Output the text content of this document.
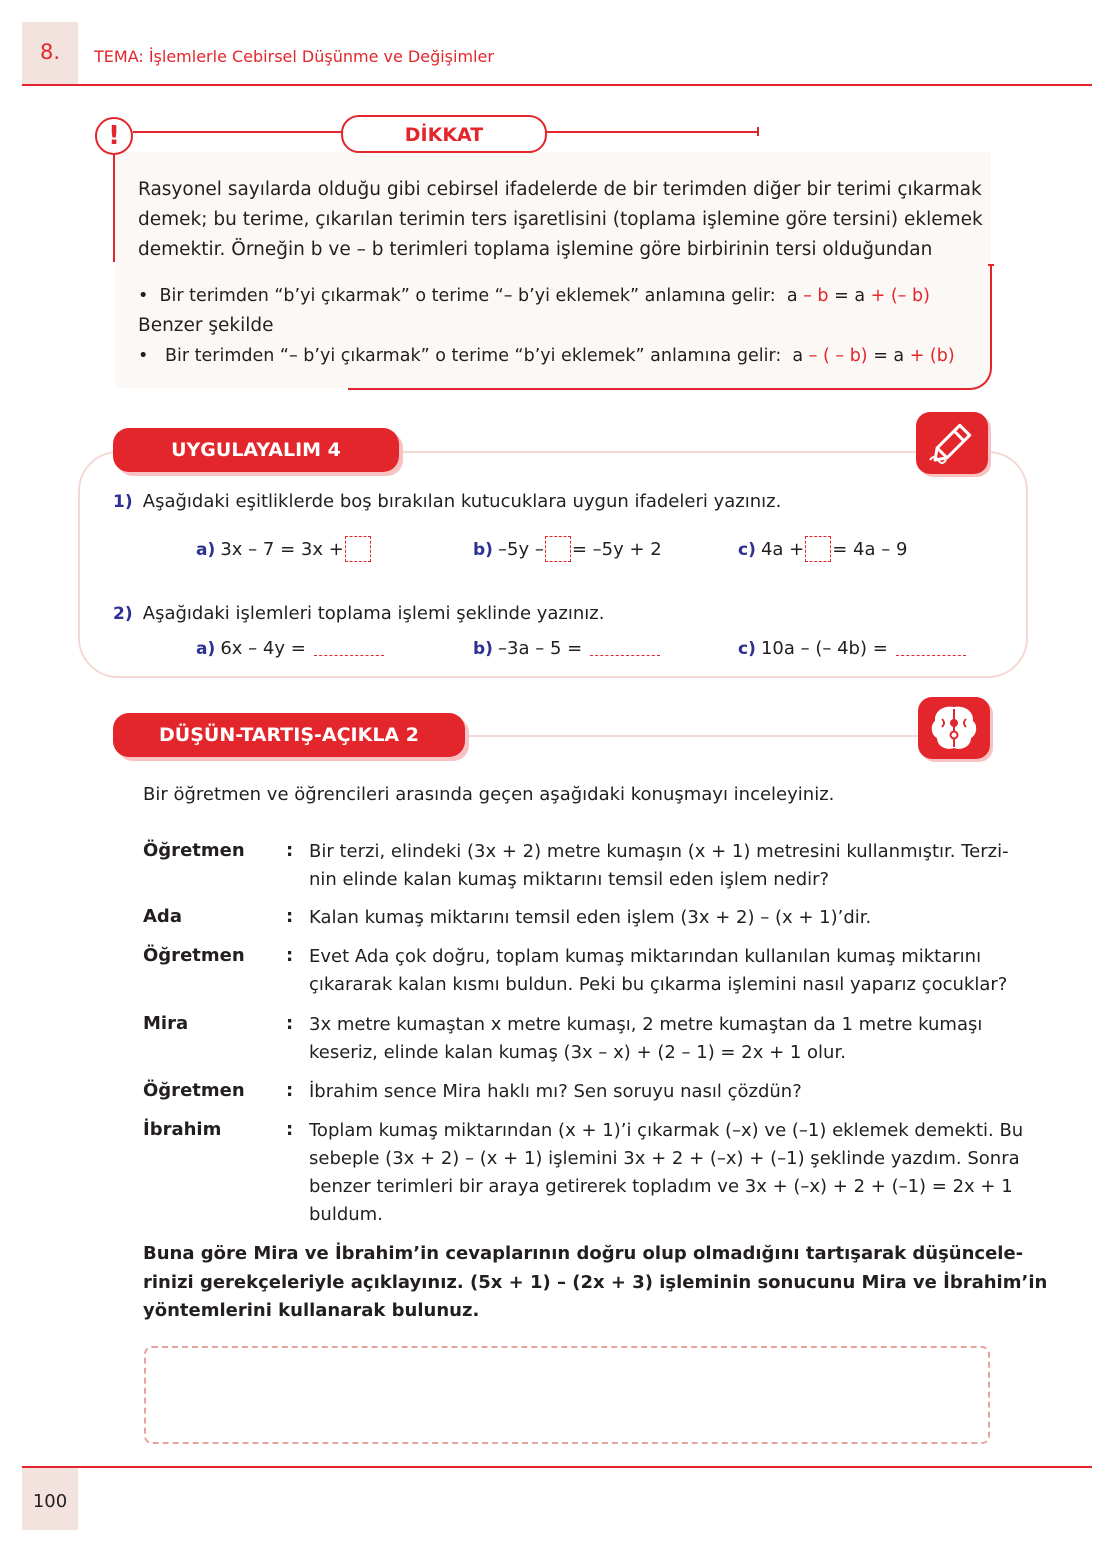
8.	TEMA: İşlemlerle Cebirsel Düşünme ve Değişimler
!	DİKKAT
Rasyonel sayılarda olduğu gibi cebirsel ifadelerde de bir terimden diğer bir terimi çıkarmak
demek; bu terime, çıkarılan terimin ters işaretlisini (toplama işlemine göre tersini) eklemek
demektir. Örneğin b ve – b terimleri toplama işlemine göre birbirinin tersi olduğundan
• Bir terimden “b’yi çıkarmak” o terime “– b’yi eklemek” anlamına gelir: a – b = a + (– b)
Benzer şekilde
• Bir terimden “– b’yi çıkarmak” o terime “b’yi eklemek” anlamına gelir: a – ( – b) = a + (b)
UYGULAYALIM 4
1) Aşağıdaki eşitliklerde boş bırakılan kutucuklara uygun ifadeleri yazınız.
a) 3x – 7 = 3x +	b) –5y – = –5y + 2	c) 4a + = 4a – 9
2) Aşağıdaki işlemleri toplama işlemi şeklinde yazınız.
a) 6x – 4y =	b) –3a – 5 =	c) 10a – (– 4b) =
DÜŞÜN-TARTIŞ-AÇIKLA 2
Bir öğretmen ve öğrencileri arasında geçen aşağıdaki konuşmayı inceleyiniz.
Öğretmen : Bir terzi, elindeki (3x + 2) metre kumaşın (x + 1) metresini kullanmıştır. Terzi-
nin elinde kalan kumaş miktarını temsil eden işlem nedir?
Ada	: Kalan kumaş miktarını temsil eden işlem (3x + 2) – (x + 1)’dir.
Öğretmen : Evet Ada çok doğru, toplam kumaş miktarından kullanılan kumaş miktarını
çıkararak kalan kısmı buldun. Peki bu çıkarma işlemini nasıl yaparız çocuklar?
Mira	: 3x metre kumaştan x metre kumaşı, 2 metre kumaştan da 1 metre kumaşı
keseriz, elinde kalan kumaş (3x – x) + (2 – 1) = 2x + 1 olur.
Öğretmen : İbrahim sence Mira haklı mı? Sen soruyu nasıl çözdün?
İbrahim	: Toplam kumaş miktarından (x + 1)’i çıkarmak (–x) ve (–1) eklemek demekti. Bu
sebeple (3x + 2) – (x + 1) işlemini 3x + 2 + (–x) + (–1) şeklinde yazdım. Sonra
benzer terimleri bir araya getirerek topladım ve 3x + (–x) + 2 + (–1) = 2x + 1
buldum.
Buna göre Mira ve İbrahim’in cevaplarının doğru olup olmadığını tartışarak düşüncele-
rinizi gerekçeleriyle açıklayınız. (5x + 1) – (2x + 3) işleminin sonucunu Mira ve İbrahim’in
yöntemlerini kullanarak bulunuz.
100
